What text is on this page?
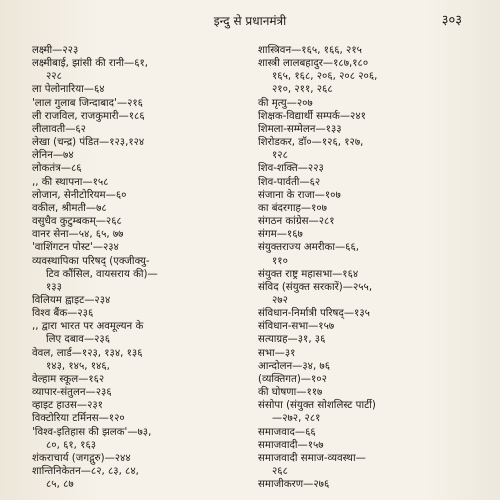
इन्दु से प्रधानमंत्री	३०३
लक्ष्मी—२२३
लक्ष्मीबाई, झांसी की रानी—६१,
२२८
ला पेलोनारिया—६४
'लाल गुलाब जिन्दाबाद'—२१६
ली राजविल, राजकुमारी—१८६
लीलावती—६२
लेखा (चन्द्र) पंडित—१२३,१२४
लेनिन—७४
लोकतंत्र—८६
,, की स्थापना—१५८
लोजान, सेनीटोरियम—६०
वकील, श्रीमती—७८
वसुधैव कुटुम्बकम्—२६८
वानर सेना—५४, ६५, ७७
'वाशिंगटन पोस्ट'—२३४
व्यवस्थापिका परिषद् (एक्जीक्यु-
टिव कौंसिल, वायसराय की)—
१३३
विलियम ह्वाइट—२३४
विश्व बैंक—२३६
,, द्वारा भारत पर अवमूल्यन के
लिए दबाव—२३६
वेवल, लार्ड—१२३, १३४, १३६
१४३, १४५, १४६,
वेल्हाम स्कूल—१६२
व्यापार-संतुलन—२३६
व्हाइट हाउस—२३१
विक्टोरिया टर्मिनस—१२०
'विश्व-इतिहास की झलक'—७३,
८०, ६१, १६३
शंकराचार्य (जगद्गुरु)—२४४
शान्तिनिकेतन—८२, ८३, ८४,
८५, ८७
शास्त्रिवन—१६५, १६६, २१५
शास्त्री लालबहादुर—१८७,१८०
१६५, १६८, २०६, २०८ २०६,
२१०, २११, २६८
की मृत्यु—२०७
शिक्षक-विद्यार्थी सम्पर्क—२४१
शिमला-सम्मेलन—१३३
शिरोडकर, डॉ०—१२६, १२७,
१२८
शिव-शक्ति—२२३
शिव-पार्वती—६२
संजाना के राजा—१०७
का बंदरगाह—१०७
संगठन कांग्रेस—२८१
संगम—१६७
संयुक्तराज्य अमरीका—६६,
११०
संयुक्त राष्ट्र महासभा—१६४
संविद (संयुक्त सरकारें)—२५५,
२७२
संविधान-निर्मात्री परिषद्—१३५
संविधान-सभा—१५७
सत्याग्रह—३१, ३६
सभा—३१
आन्दोलन—३४, ७६
(व्यक्तिगत)—१०२
की घोषणा—११७
संसोपा (संयुक्त सोशलिस्ट पार्टी)
—२७२, २८१
समाजवाद—६६
समाजवादी—१५७
समाजवादी समाज-व्यवस्था—
२६८
समाजीकरण—२७६
